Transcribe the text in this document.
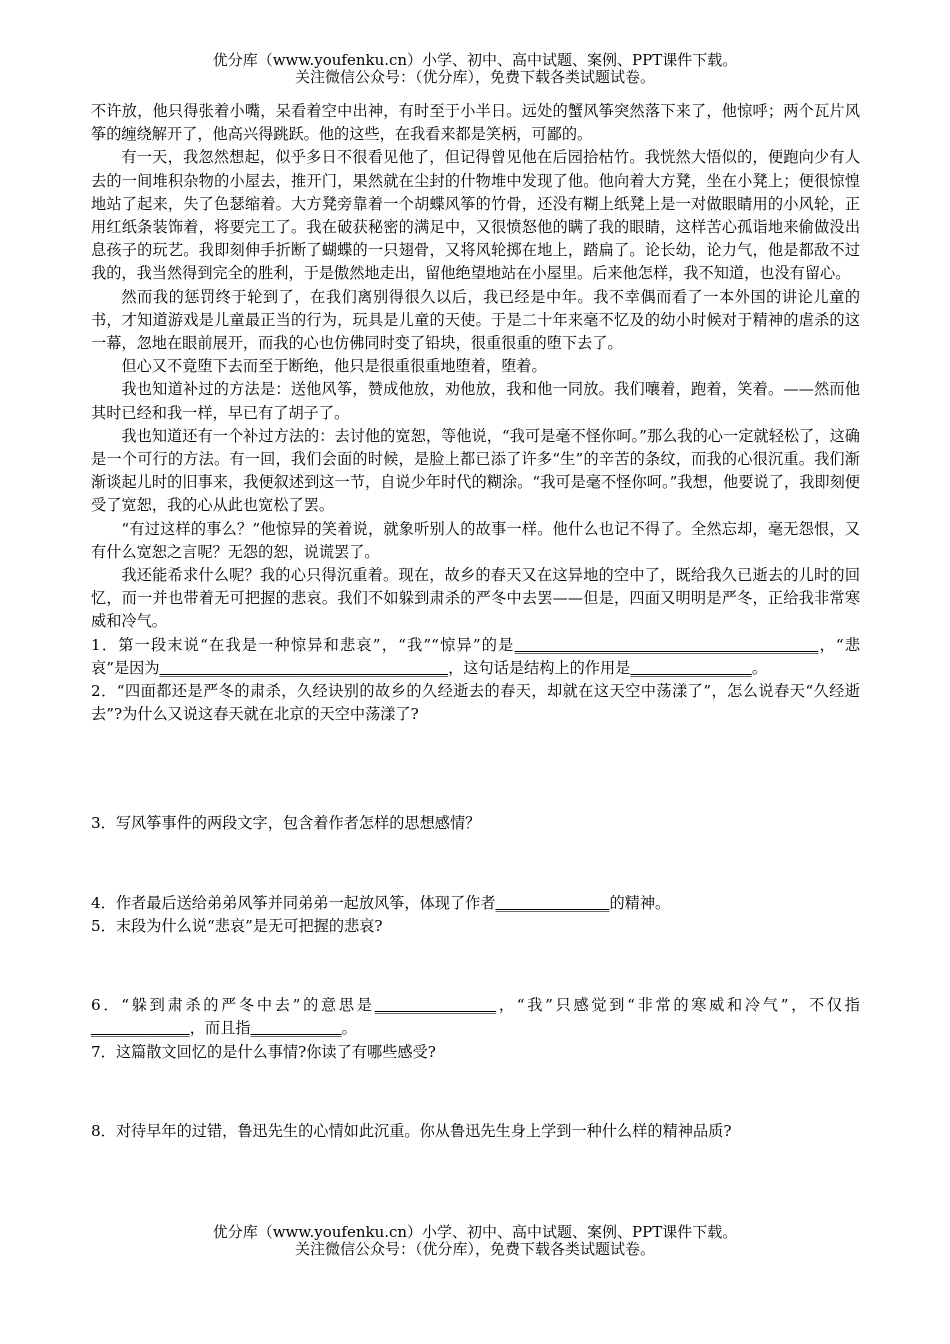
优分库（www.youfenku.cn）小学、初中、高中试题、案例、PPT课件下载。
关注微信公众号：（优分库），免费下载各类试题试卷。

不许放，他只得张着小嘴，呆看着空中出神，有时至于小半日。远处的蟹风筝突然落下来了，他惊呼；两个瓦片风筝的缠绕解开了，他高兴得跳跃。他的这些，在我看来都是笑柄，可鄙的。

有一天，我忽然想起，似乎多日不很看见他了，但记得曾见他在后园拾枯竹。我恍然大悟似的，便跑向少有人去的一间堆积杂物的小屋去，推开门，果然就在尘封的什物堆中发现了他。他向着大方凳，坐在小凳上；便很惊惶地站了起来，失了色瑟缩着。大方凳旁靠着一个胡蝶风筝的竹骨，还没有糊上纸凳上是一对做眼睛用的小风轮，正用红纸条装饰着，将要完工了。我在破获秘密的满足中，又很愤怒他的瞒了我的眼睛，这样苦心孤诣地来偷做没出息孩子的玩艺。我即刻伸手折断了蝴蝶的一只翅骨，又将风轮掷在地上，踏扁了。论长幼，论力气，他是都敌不过我的，我当然得到完全的胜利，于是傲然地走出，留他绝望地站在小屋里。后来他怎样，我不知道，也没有留心。

然而我的惩罚终于轮到了，在我们离别得很久以后，我已经是中年。我不幸偶而看了一本外国的讲论儿童的书，才知道游戏是儿童最正当的行为，玩具是儿童的天使。于是二十年来毫不忆及的幼小时候对于精神的虐杀的这一幕，忽地在眼前展开，而我的心也仿佛同时变了铅块，很重很重的堕下去了。

但心又不竟堕下去而至于断绝，他只是很重很重地堕着，堕着。

我也知道补过的方法是：送他风筝，赞成他放，劝他放，我和他一同放。我们嚷着，跑着，笑着。——然而他其时已经和我一样，早已有了胡子了。

我也知道还有一个补过方法的：去讨他的宽恕，等他说，“我可是毫不怪你呵。”那么我的心一定就轻松了，这确是一个可行的方法。有一回，我们会面的时候，是脸上都已添了许多“生”的辛苦的条纹，而我的心很沉重。我们渐渐谈起儿时的旧事来，我便叙述到这一节，自说少年时代的糊涂。“我可是毫不怪你呵。”我想，他要说了，我即刻便受了宽恕，我的心从此也宽松了罢。

“有过这样的事么？”他惊异的笑着说，就象听别人的故事一样。他什么也记不得了。全然忘却，毫无怨恨，又有什么宽恕之言呢？无怨的恕，说谎罢了。

我还能希求什么呢？我的心只得沉重着。现在，故乡的春天又在这异地的空中了，既给我久已逝去的儿时的回忆，而一并也带着无可把握的悲哀。我们不如躲到肃杀的严冬中去罢——但是，四面又明明是严冬，正给我非常寒威和冷气。

1．第一段末说“在我是一种惊异和悲哀”，“我”“惊异”的是________________________________________，“悲哀”是因为______________________________________，这句话是结构上的作用是________________。

2．“四面都还是严冬的肃杀，久经诀别的故乡的久经逝去的春天，却就在这天空中荡漾了”，怎么说春天“久经逝去”?为什么又说这春天就在北京的天空中荡漾了?

3．写风筝事件的两段文字，包含着作者怎样的思想感情？

4．作者最后送给弟弟风筝并同弟弟一起放风筝，体现了作者_______________的精神。

5．末段为什么说“悲哀”是无可把握的悲哀?

6．“躲到肃杀的严冬中去”的意思是________________，“我”只感觉到“非常的寒威和冷气”，不仅指_____________，而且指____________。

7．这篇散文回忆的是什么事情?你读了有哪些感受?

8．对待早年的过错，鲁迅先生的心情如此沉重。你从鲁迅先生身上学到一种什么样的精神品质?

优分库（www.youfenku.cn）小学、初中、高中试题、案例、PPT课件下载。
关注微信公众号：（优分库），免费下载各类试题试卷。
